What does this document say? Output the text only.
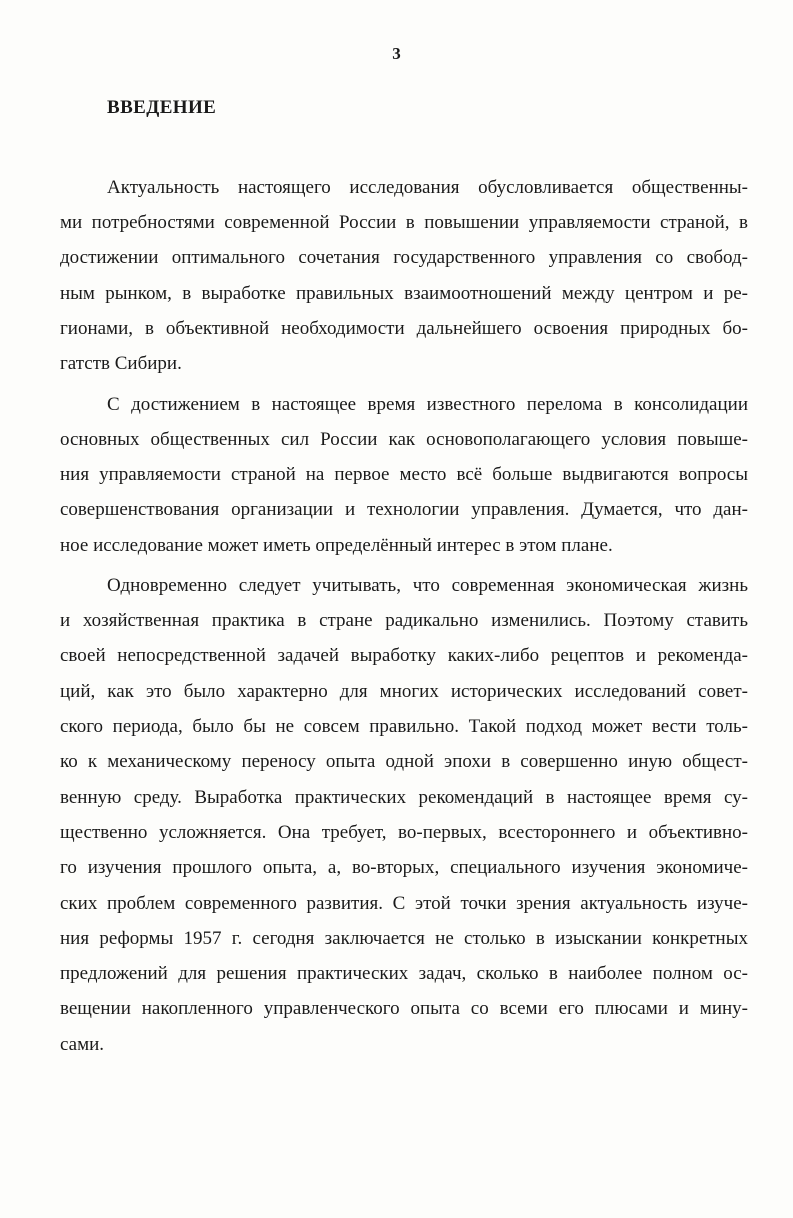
3
ВВЕДЕНИЕ
Актуальность настоящего исследования обусловливается общественны-
ми потребностями современной России в повышении управляемости страной, в
достижении оптимального сочетания государственного управления со свобод-
ным рынком, в выработке правильных взаимоотношений между центром и ре-
гионами, в объективной необходимости дальнейшего освоения природных бо-
гатств Сибири.
С достижением в настоящее время известного перелома в консолидации
основных общественных сил России как основополагающего условия повыше-
ния управляемости страной на первое место всё больше выдвигаются вопросы
совершенствования организации и технологии управления. Думается, что дан-
ное исследование может иметь определённый интерес в этом плане.
Одновременно следует учитывать, что современная экономическая жизнь
и хозяйственная практика в стране радикально изменились. Поэтому ставить
своей непосредственной задачей выработку каких-либо рецептов и рекоменда-
ций, как это было характерно для многих исторических исследований совет-
ского периода, было бы не совсем правильно. Такой подход может вести толь-
ко к механическому переносу опыта одной эпохи в совершенно иную общест-
венную среду. Выработка практических рекомендаций в настоящее время су-
щественно усложняется. Она требует, во-первых, всестороннего и объективно-
го изучения прошлого опыта, а, во-вторых, специального изучения экономиче-
ских проблем современного развития. С этой точки зрения актуальность изуче-
ния реформы 1957 г. сегодня заключается не столько в изыскании конкретных
предложений для решения практических задач, сколько в наиболее полном ос-
вещении накопленного управленческого опыта со всеми его плюсами и мину-
сами.
